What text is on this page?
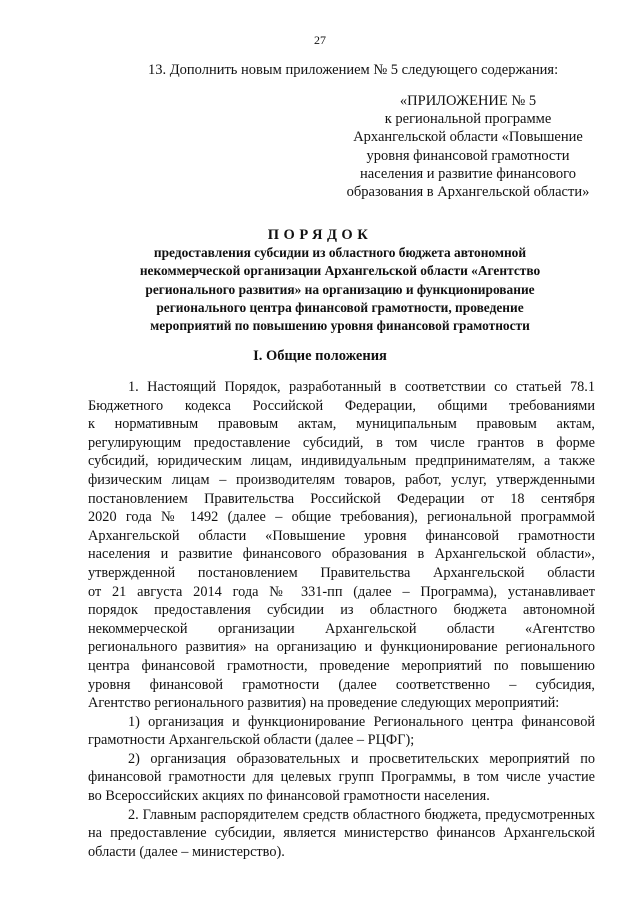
27
13. Дополнить новым приложением № 5 следующего содержания:
«ПРИЛОЖЕНИЕ № 5
к региональной программе
Архангельской области «Повышение
уровня финансовой грамотности
населения и развитие финансового
образования в Архангельской области»
ПОРЯДОК
предоставления субсидии из областного бюджета автономной
некоммерческой организации Архангельской области «Агентство
регионального развития» на организацию и функционирование
регионального центра финансовой грамотности, проведение
мероприятий по повышению уровня финансовой грамотности
I. Общие положения
1. Настоящий Порядок, разработанный в соответствии со статьей 78.1
Бюджетного кодекса Российской Федерации, общими требованиями
к нормативным правовым актам, муниципальным правовым актам,
регулирующим предоставление субсидий, в том числе грантов в форме
субсидий, юридическим лицам, индивидуальным предпринимателям, а также
физическим лицам – производителям товаров, работ, услуг, утвержденными
постановлением Правительства Российской Федерации от 18 сентября
2020 года № 1492 (далее – общие требования), региональной программой
Архангельской области «Повышение уровня финансовой грамотности
населения и развитие финансового образования в Архангельской области»,
утвержденной постановлением Правительства Архангельской области
от 21 августа 2014 года № 331-пп (далее – Программа), устанавливает
порядок предоставления субсидии из областного бюджета автономной
некоммерческой организации Архангельской области «Агентство
регионального развития» на организацию и функционирование регионального
центра финансовой грамотности, проведение мероприятий по повышению
уровня финансовой грамотности (далее соответственно – субсидия,
Агентство регионального развития) на проведение следующих мероприятий:
1) организация и функционирование Регионального центра финансовой
грамотности Архангельской области (далее – РЦФГ);
2) организация образовательных и просветительских мероприятий по
финансовой грамотности для целевых групп Программы, в том числе участие
во Всероссийских акциях по финансовой грамотности населения.
2. Главным распорядителем средств областного бюджета, предусмотренных
на предоставление субсидии, является министерство финансов Архангельской
области (далее – министерство).
